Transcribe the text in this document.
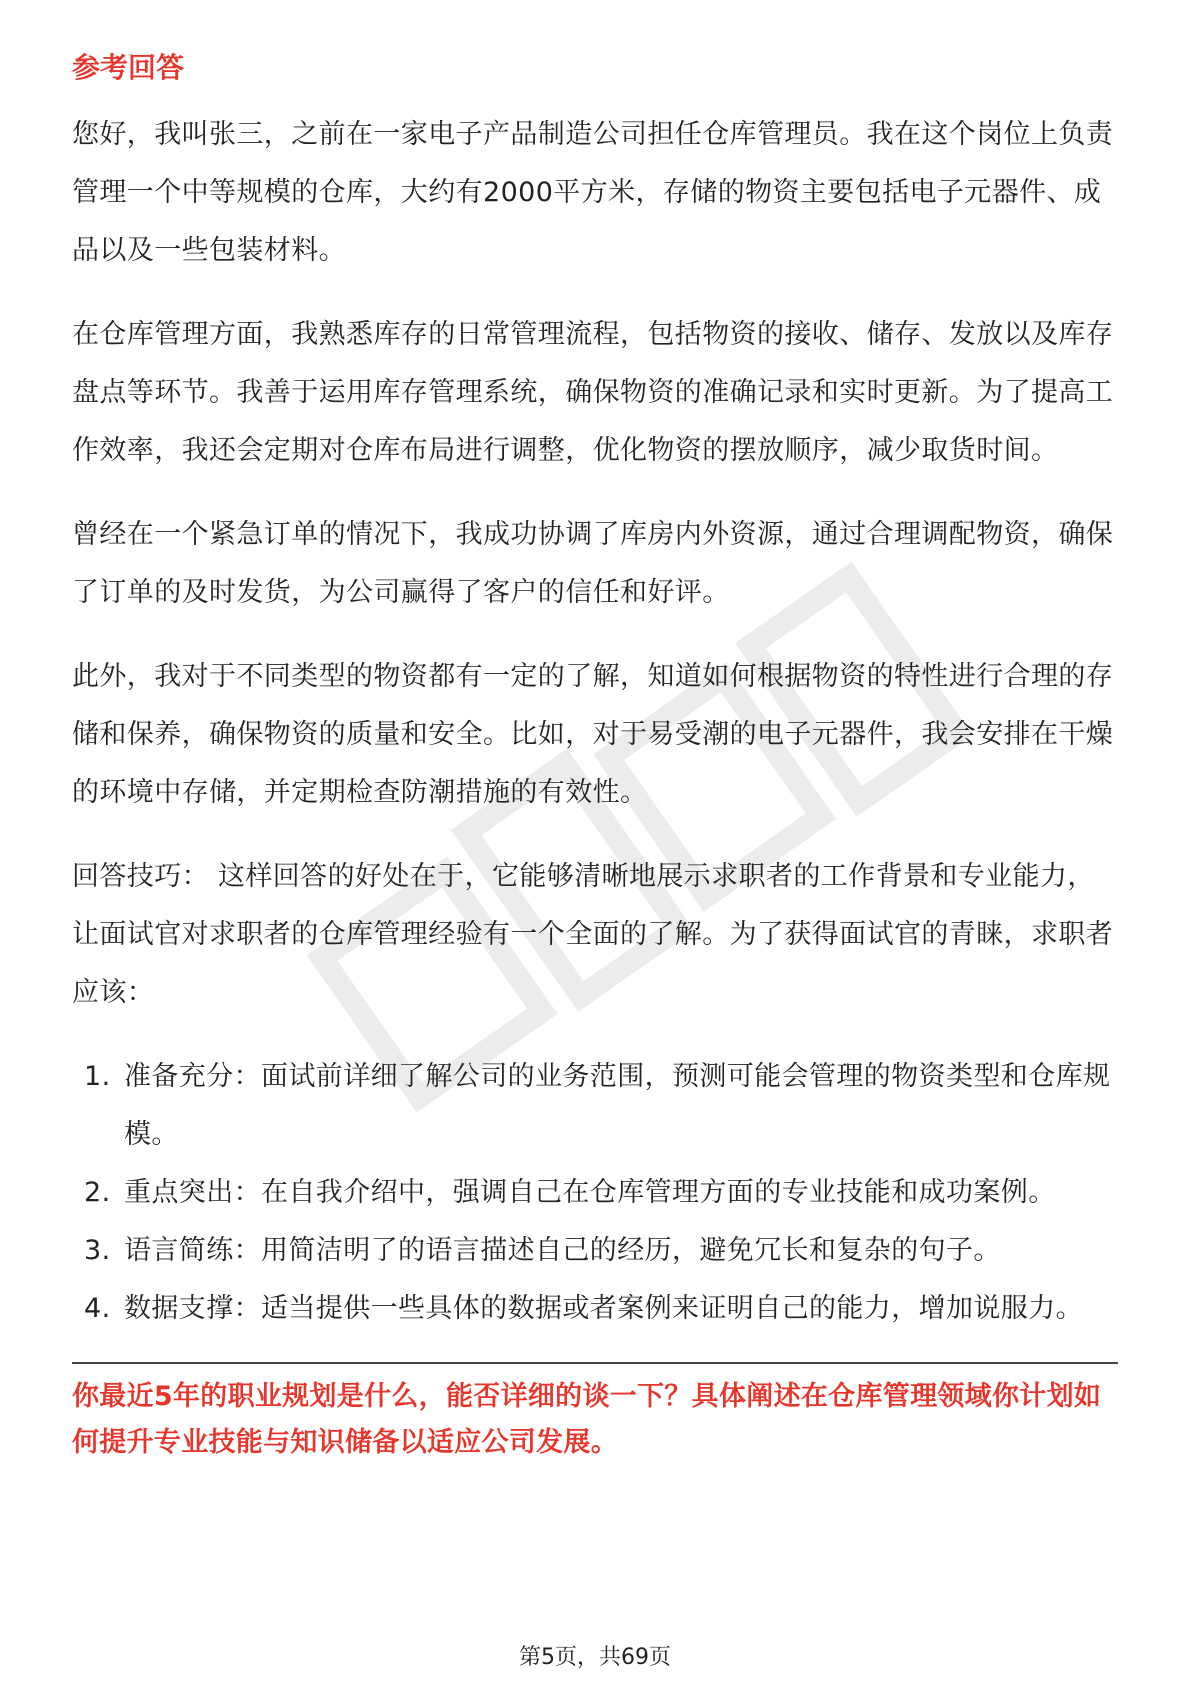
参考回答

您好，我叫张三，之前在一家电子产品制造公司担任仓库管理员。我在这个岗位上负责管理一个中等规模的仓库，大约有2000平方米，存储的物资主要包括电子元器件、成品以及一些包装材料。

在仓库管理方面，我熟悉库存的日常管理流程，包括物资的接收、储存、发放以及库存盘点等环节。我善于运用库存管理系统，确保物资的准确记录和实时更新。为了提高工作效率，我还会定期对仓库布局进行调整，优化物资的摆放顺序，减少取货时间。

曾经在一个紧急订单的情况下，我成功协调了库房内外资源，通过合理调配物资，确保了订单的及时发货，为公司赢得了客户的信任和好评。

此外，我对于不同类型的物资都有一定的了解，知道如何根据物资的特性进行合理的存储和保养，确保物资的质量和安全。比如，对于易受潮的电子元器件，我会安排在干燥的环境中存储，并定期检查防潮措施的有效性。

回答技巧： 这样回答的好处在于，它能够清晰地展示求职者的工作背景和专业能力，让面试官对求职者的仓库管理经验有一个全面的了解。为了获得面试官的青睐，求职者应该：

1. 准备充分：面试前详细了解公司的业务范围，预测可能会管理的物资类型和仓库规模。
2. 重点突出：在自我介绍中，强调自己在仓库管理方面的专业技能和成功案例。
3. 语言简练：用简洁明了的语言描述自己的经历，避免冗长和复杂的句子。
4. 数据支撑：适当提供一些具体的数据或者案例来证明自己的能力，增加说服力。
你最近5年的职业规划是什么，能否详细的谈一下？具体阐述在仓库管理领域你计划如何提升专业技能与知识储备以适应公司发展。
第5页，共69页
